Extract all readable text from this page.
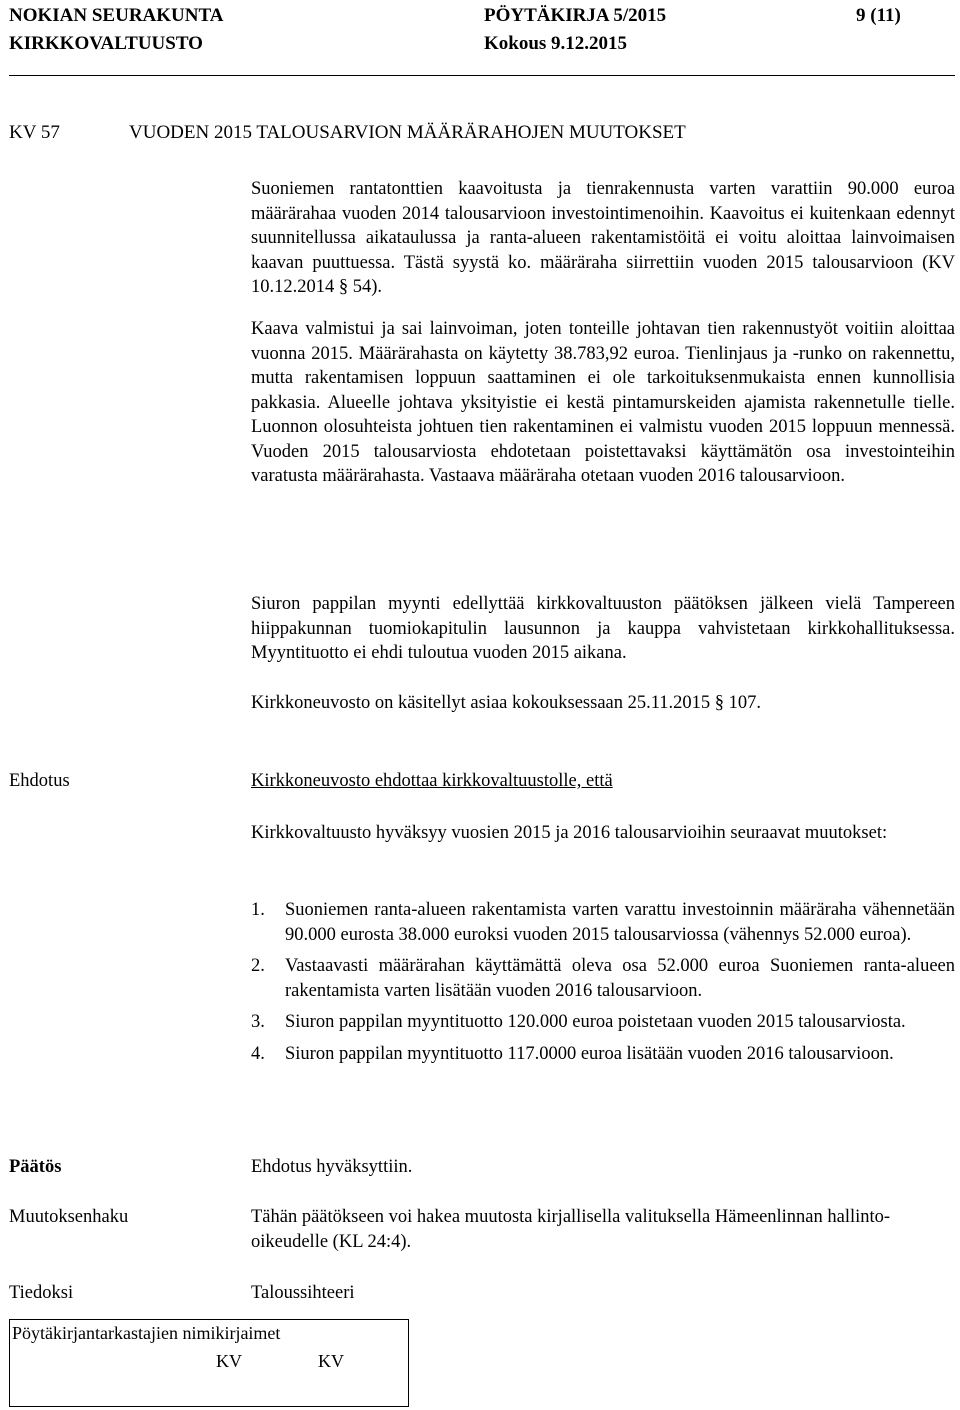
NOKIAN SEURAKUNTA	PÖYTÄKIRJA 5/2015	9 (11)
KIRKKOVALTUUSTO	Kokous 9.12.2015
KV 57	VUODEN 2015 TALOUSARVION MÄÄRÄRAHOJEN MUUTOKSET

Suoniemen rantatonttien kaavoitusta ja tienrakennusta varten varattiin 90.000 euroa määrärahaa vuoden 2014 talousarvioon investointimenoihin. Kaavoitus ei kuitenkaan edennyt suunnitellussa aikataulussa ja ranta-alueen rakentamistöitä ei voitu aloittaa lainvoimaisen kaavan puuttuessa. Tästä syystä ko. määräraha siirrettiin vuoden 2015 talousarvioon (KV 10.12.2014 § 54).

Kaava valmistui ja sai lainvoiman, joten tonteille johtavan tien rakennustyöt voitiin aloittaa vuonna 2015. Määrärahasta on käytetty 38.783,92 euroa. Tienlinjaus ja -runko on rakennettu, mutta rakentamisen loppuun saattaminen ei ole tarkoituksenmukaista ennen kunnollisia pakkasia. Alueelle johtava yksityistie ei kestä pintamurskeiden ajamista rakennetulle tielle. Luonnon olosuhteista johtuen tien rakentaminen ei valmistu vuoden 2015 loppuun mennessä. Vuoden 2015 talousarviosta ehdotetaan poistettavaksi käyttämätön osa investointeihin varatusta määrärahasta. Vastaava määräraha otetaan vuoden 2016 talousarvioon.

Siuron pappilan myynti edellyttää kirkkovaltuuston päätöksen jälkeen vielä Tampereen hiippakunnan tuomiokapitulin lausunnon ja kauppa vahvistetaan kirkkohallituksessa. Myyntituotto ei ehdi tuloutua vuoden 2015 aikana.

Kirkkoneuvosto on käsitellyt asiaa kokouksessaan 25.11.2015 § 107.

Ehdotus	Kirkkoneuvosto ehdottaa kirkkovaltuustolle, että

Kirkkovaltuusto hyväksyy vuosien 2015 ja 2016 talousarvioihin seuraavat muutokset:

1. Suoniemen ranta-alueen rakentamista varten varattu investoinnin määräraha vähennetään 90.000 eurosta 38.000 euroksi vuoden 2015 talousarviossa (vähennys 52.000 euroa).
2. Vastaavasti määrärahan käyttämättä oleva osa 52.000 euroa Suoniemen ranta-alueen rakentamista varten lisätään vuoden 2016 talousarvioon.
3. Siuron pappilan myyntituotto 120.000 euroa poistetaan vuoden 2015 talousarviosta.
4. Siuron pappilan myyntituotto 117.0000 euroa lisätään vuoden 2016 talousarvioon.
Päätös	Ehdotus hyväksyttiin.

Muutoksenhaku	Tähän päätökseen voi hakea muutosta kirjallisella valituksella Hämeenlinnan hallinto-oikeudelle (KL 24:4).

Tiedoksi	Taloussihteeri
Pöytäkirjantarkastajien nimikirjaimet
KV	KV
